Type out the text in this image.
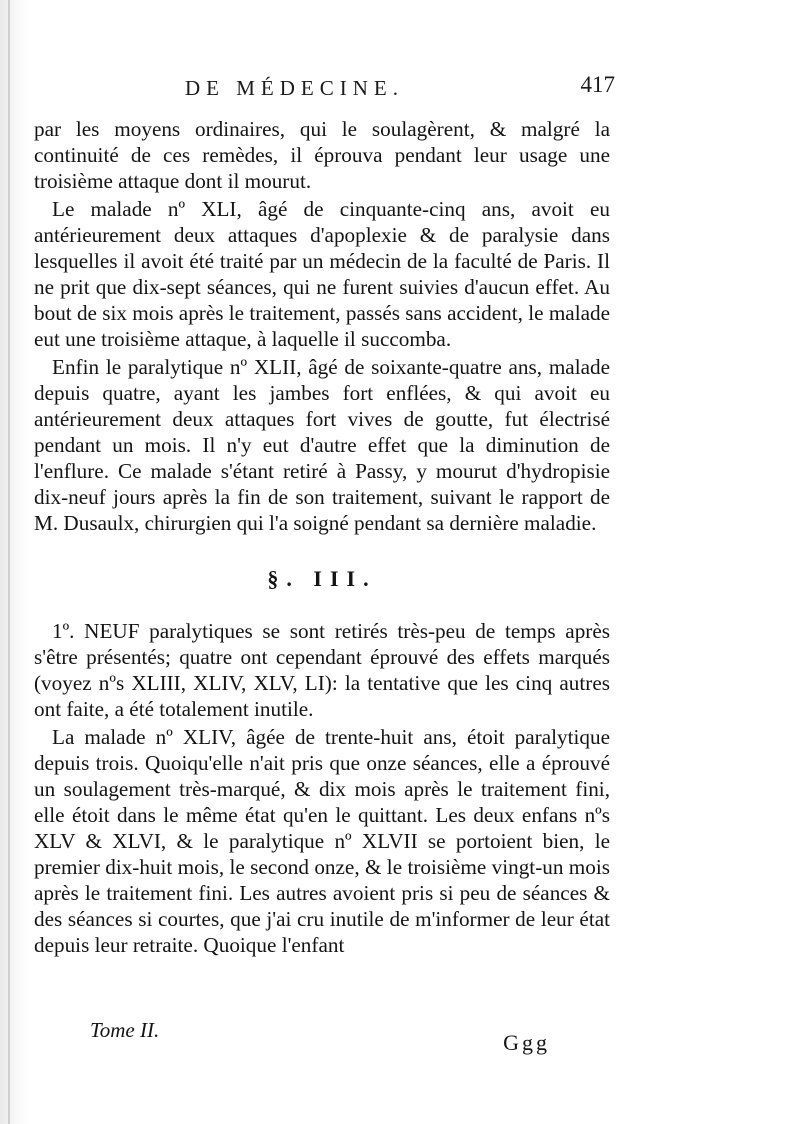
DE MÉDECINE.	417

par les moyens ordinaires, qui le soulagèrent, & malgré la continuité de ces remèdes, il éprouva pendant leur usage une troisième attaque dont il mourut.

Le malade nº XLI, âgé de cinquante-cinq ans, avoit eu antérieurement deux attaques d'apoplexie & de paralysie dans lesquelles il avoit été traité par un médecin de la faculté de Paris. Il ne prit que dix-sept séances, qui ne furent suivies d'aucun effet. Au bout de six mois après le traitement, passés sans accident, le malade eut une troisième attaque, à laquelle il succomba.

Enfin le paralytique nº XLII, âgé de soixante-quatre ans, malade depuis quatre, ayant les jambes fort enflées, & qui avoit eu antérieurement deux attaques fort vives de goutte, fut électrisé pendant un mois. Il n'y eut d'autre effet que la diminution de l'enflure. Ce malade s'étant retiré à Passy, y mourut d'hydropisie dix-neuf jours après la fin de son traitement, suivant le rapport de M. Dusaulx, chirurgien qui l'a soigné pendant sa dernière maladie.

§. III.

1º. NEUF paralytiques se sont retirés très-peu de temps après s'être présentés; quatre ont cependant éprouvé des effets marqués (voyez nºs XLIII, XLIV, XLV, LI): la tentative que les cinq autres ont faite, a été totalement inutile.

La malade nº XLIV, âgée de trente-huit ans, étoit paralytique depuis trois. Quoiqu'elle n'ait pris que onze séances, elle a éprouvé un soulagement très-marqué, & dix mois après le traitement fini, elle étoit dans le même état qu'en le quittant. Les deux enfans nºs XLV & XLVI, & le paralytique nº XLVII se portoient bien, le premier dix-huit mois, le second onze, & le troisième vingt-un mois après le traitement fini. Les autres avoient pris si peu de séances & des séances si courtes, que j'ai cru inutile de m'informer de leur état depuis leur retraite. Quoique l'enfant

Tome II.	Ggg
